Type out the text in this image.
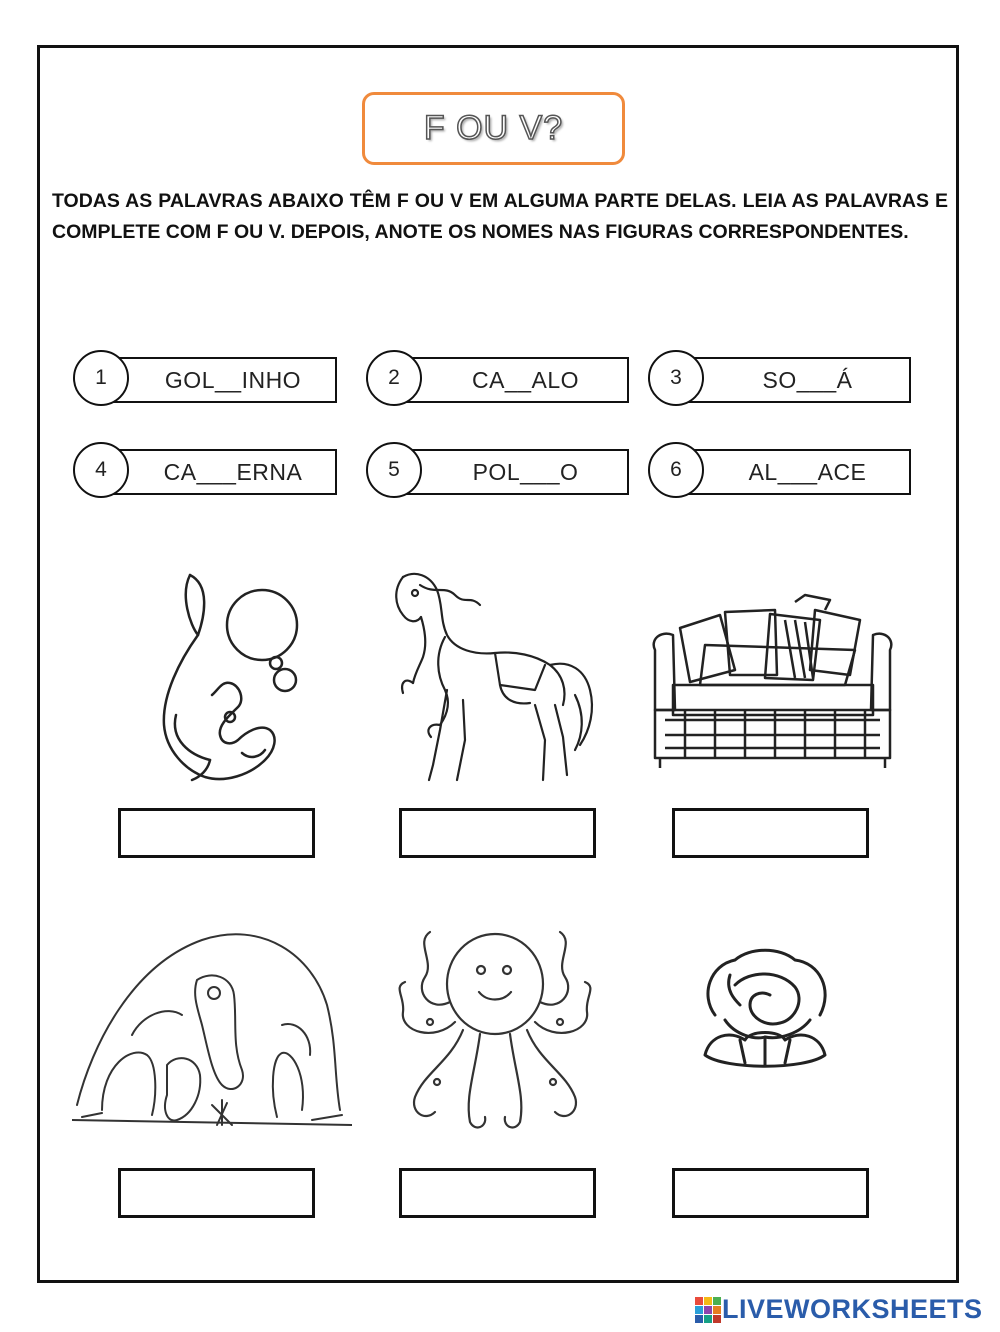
F OU V?

TODAS AS PALAVRAS ABAIXO TÊM F OU V EM ALGUMA PARTE DELAS. LEIA AS PALAVRAS E COMPLETE COM F OU V. DEPOIS, ANOTE OS NOMES NAS FIGURAS CORRESPONDENTES.

1	GOL__INHO	2	CA__ALO	3	SO___Á
4	CA___ERNA	5	POL___O	6	AL___ACE
LIVEWORKSHEETS
